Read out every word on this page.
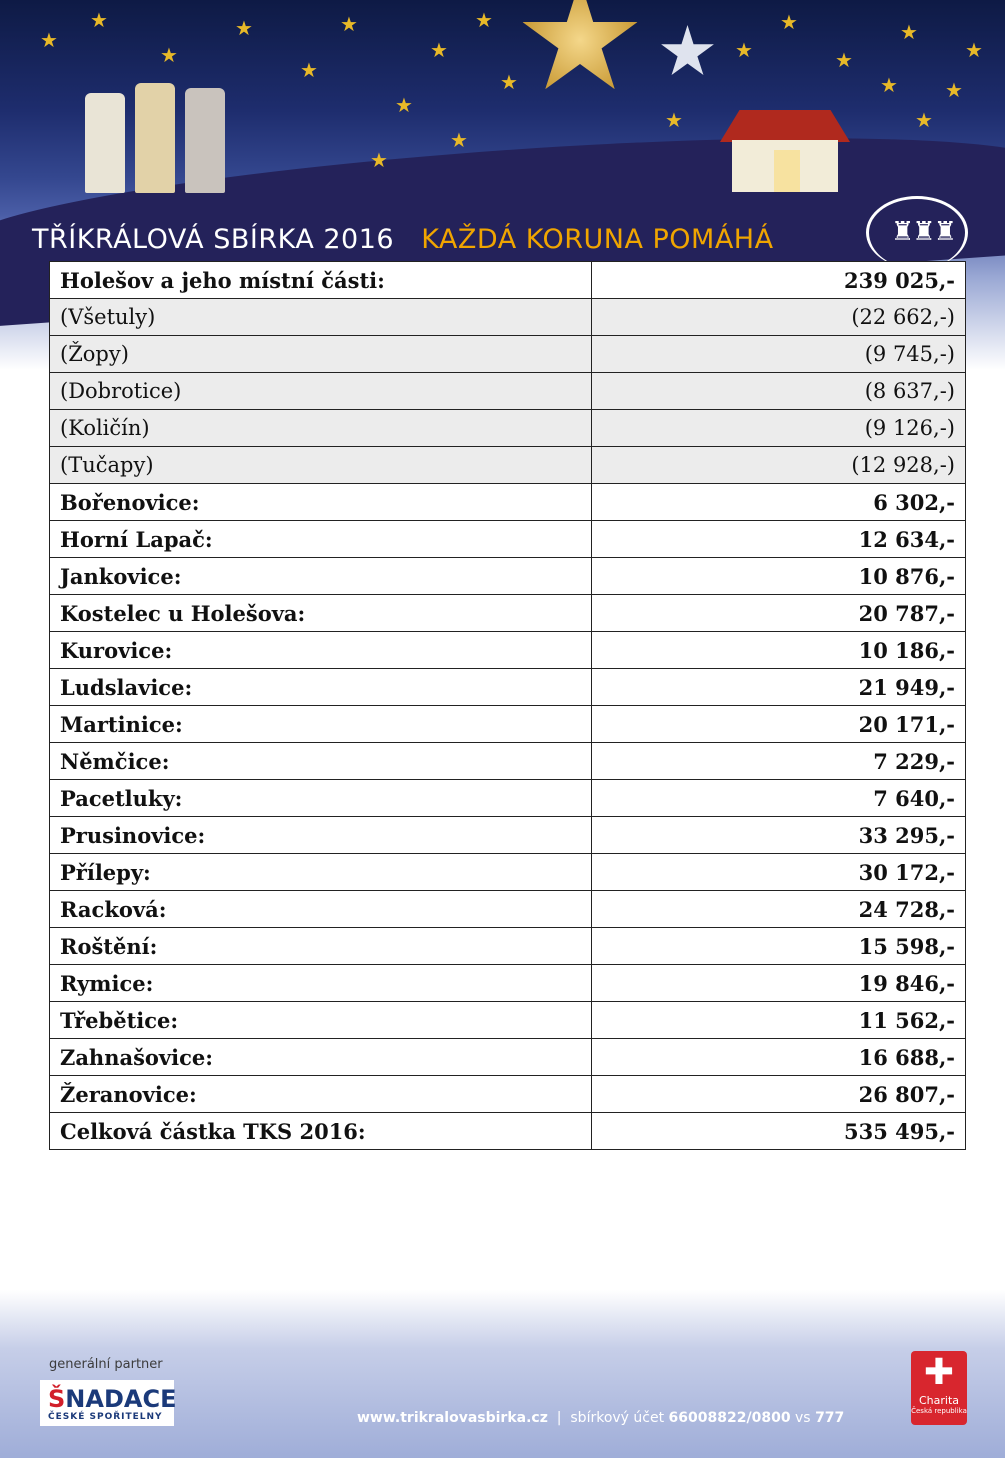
★
★
★
★
★
★
★
★
★
★
★
★
★
★
★
★
★
★
★
★
★
TŘÍKRÁLOVÁ SBÍRKA 2016 KAŽDÁ KORUNA POMÁHÁ	♜♜♜
Holešov a jeho místní části:	239 025,-
(Všetuly)	(22 662,-)
(Žopy)	(9 745,-)
(Dobrotice)	(8 637,-)
(Količín)	(9 126,-)
(Tučapy)	(12 928,-)
Bořenovice:	6 302,-
Horní Lapač:	12 634,-
Jankovice:	10 876,-
Kostelec u Holešova:	20 787,-
Kurovice:	10 186,-
Ludslavice:	21 949,-
Martinice:	20 171,-
Němčice:	7 229,-
Pacetluky:	7 640,-
Prusinovice:	33 295,-
Přílepy:	30 172,-
Racková:	24 728,-
Roštění:	15 598,-
Rymice:	19 846,-
Třebětice:	11 562,-
Zahnašovice:	16 688,-
Žeranovice:	26 807,-
Celková částka TKS 2016:	535 495,-
generální partner
ŠNADACE
ČESKÉ SPOŘITELNY	www.trikralovasbirka.cz | sbírkový účet 66008822/0800 vs 777
✚
Charita
Česká republika
